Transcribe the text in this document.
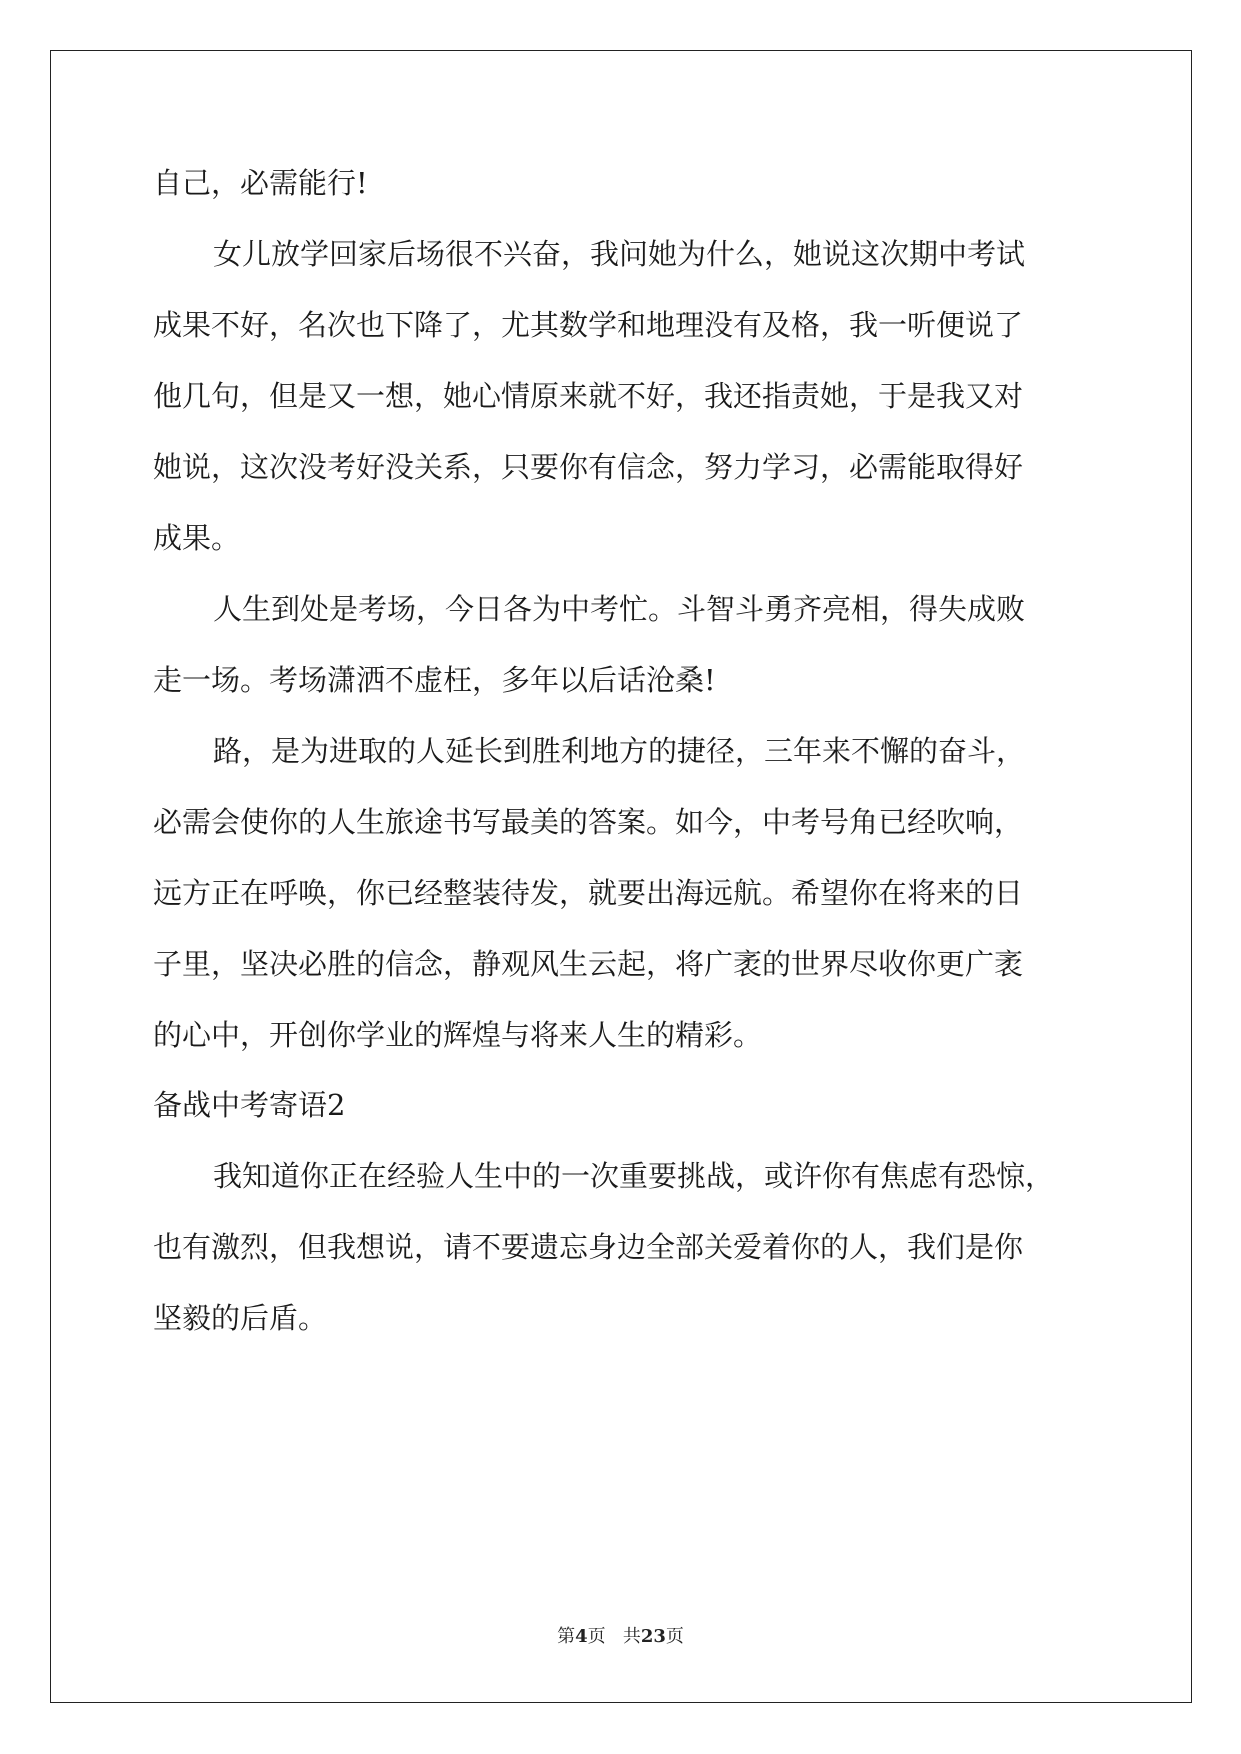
自己，必需能行!

女儿放学回家后场很不兴奋，我问她为什么，她说这次期中考试

成果不好，名次也下降了，尤其数学和地理没有及格，我一听便说了

他几句，但是又一想，她心情原来就不好，我还指责她，于是我又对

她说，这次没考好没关系，只要你有信念，努力学习，必需能取得好

成果。

人生到处是考场，今日各为中考忙。斗智斗勇齐亮相，得失成败

走一场。考场潇洒不虚枉，多年以后话沧桑!

路，是为进取的人延长到胜利地方的捷径，三年来不懈的奋斗，

必需会使你的人生旅途书写最美的答案。如今，中考号角已经吹响，

远方正在呼唤，你已经整装待发，就要出海远航。希望你在将来的日

子里，坚决必胜的信念，静观风生云起，将广袤的世界尽收你更广袤

的心中，开创你学业的辉煌与将来人生的精彩。

备战中考寄语2

我知道你正在经验人生中的一次重要挑战，或许你有焦虑有恐惊，

也有激烈，但我想说，请不要遗忘身边全部关爱着你的人，我们是你

坚毅的后盾。

第4页 共23页
